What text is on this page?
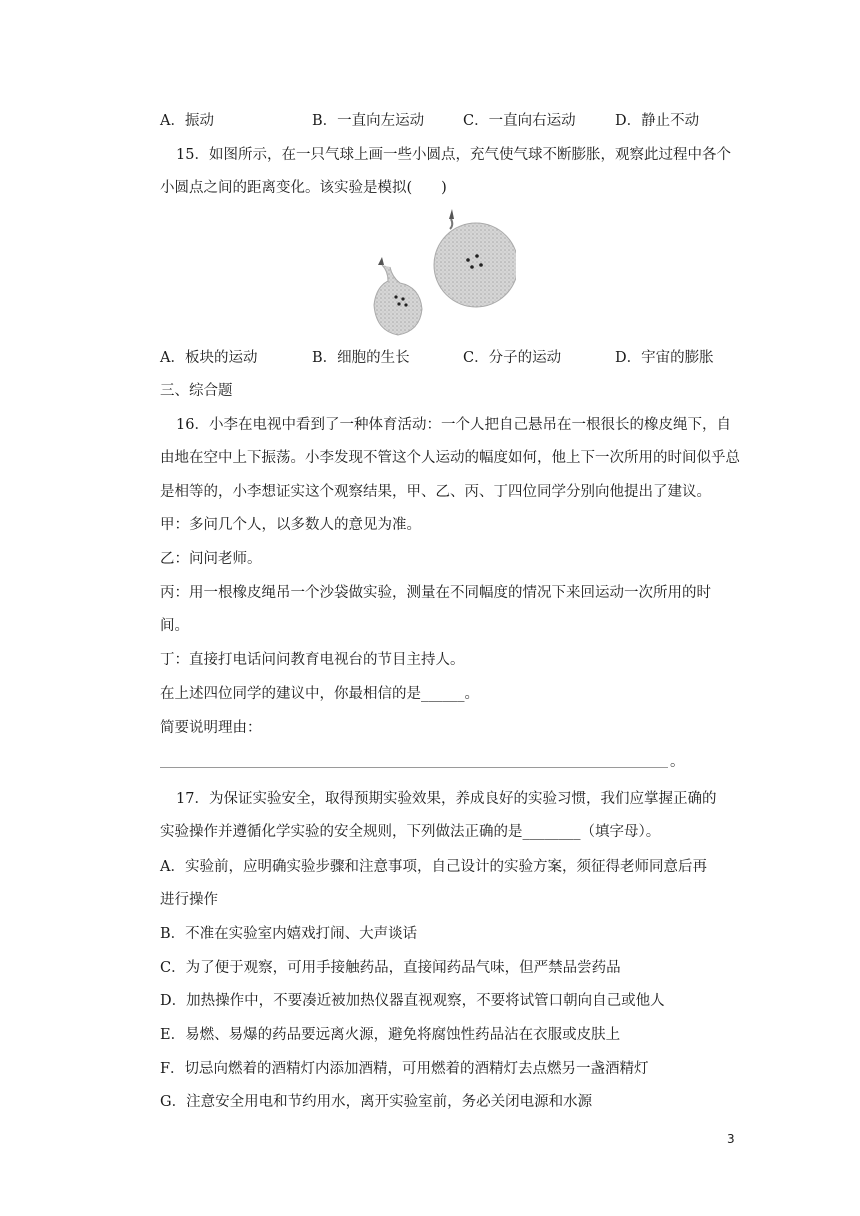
A．振动	B．一直向左运动	C．一直向右运动	D．静止不动
15．如图所示，在一只气球上画一些小圆点，充气使气球不断膨胀，观察此过程中各个
小圆点之间的距离变化。该实验是模拟(　　)
A．板块的运动	B．细胞的生长	C．分子的运动	D．宇宙的膨胀
三、综合题
16．小李在电视中看到了一种体育活动：一个人把自己悬吊在一根很长的橡皮绳下，自
由地在空中上下振荡。小李发现不管这个人运动的幅度如何，他上下一次所用的时间似乎总
是相等的，小李想证实这个观察结果，甲、乙、丙、丁四位同学分别向他提出了建议。
甲：多问几个人，以多数人的意见为准。
乙：问问老师。
丙：用一根橡皮绳吊一个沙袋做实验，测量在不同幅度的情况下来回运动一次所用的时
间。
丁：直接打电话问问教育电视台的节目主持人。
在上述四位同学的建议中，你最相信的是______。
简要说明理由：
。
17．为保证实验安全，取得预期实验效果，养成良好的实验习惯，我们应掌握正确的
实验操作并遵循化学实验的安全规则，下列做法正确的是________（填字母）。
A．实验前，应明确实验步骤和注意事项，自己设计的实验方案，须征得老师同意后再
进行操作
B．不准在实验室内嬉戏打闹、大声谈话
C．为了便于观察，可用手接触药品，直接闻药品气味，但严禁品尝药品
D．加热操作中，不要凑近被加热仪器直视观察，不要将试管口朝向自己或他人
E．易燃、易爆的药品要远离火源，避免将腐蚀性药品沾在衣服或皮肤上
F．切忌向燃着的酒精灯内添加酒精，可用燃着的酒精灯去点燃另一盏酒精灯
G．注意安全用电和节约用水，离开实验室前，务必关闭电源和水源
3
